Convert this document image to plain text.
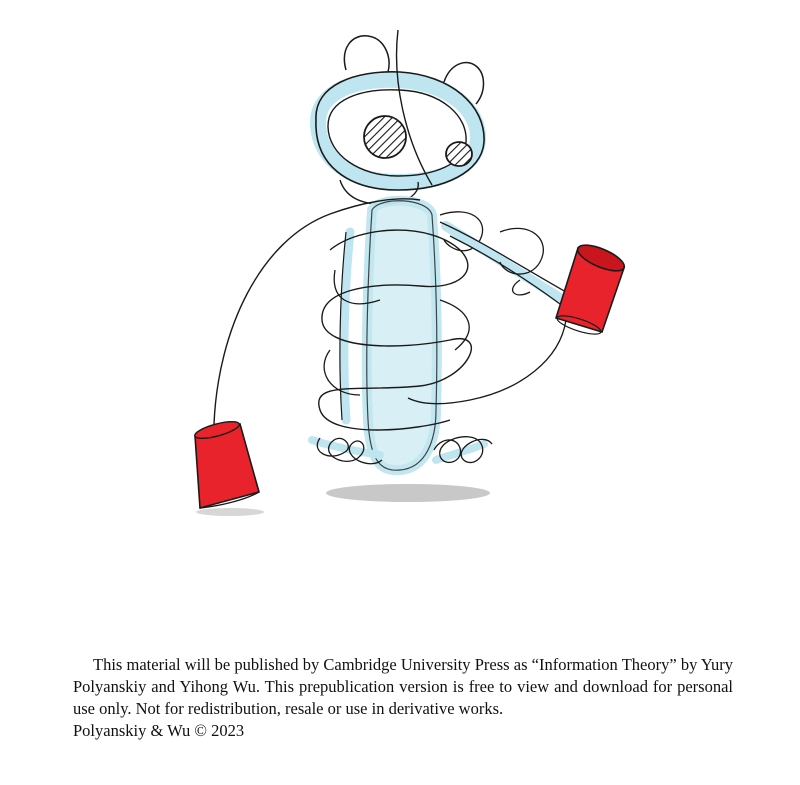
This material will be published by Cambridge University Press as “Information Theory” by Yury Polyanskiy and Yihong Wu. This prepublication version is free to view and download for personal use only. Not for redistribution, resale or use in derivative works.

Polyanskiy & Wu © 2023
